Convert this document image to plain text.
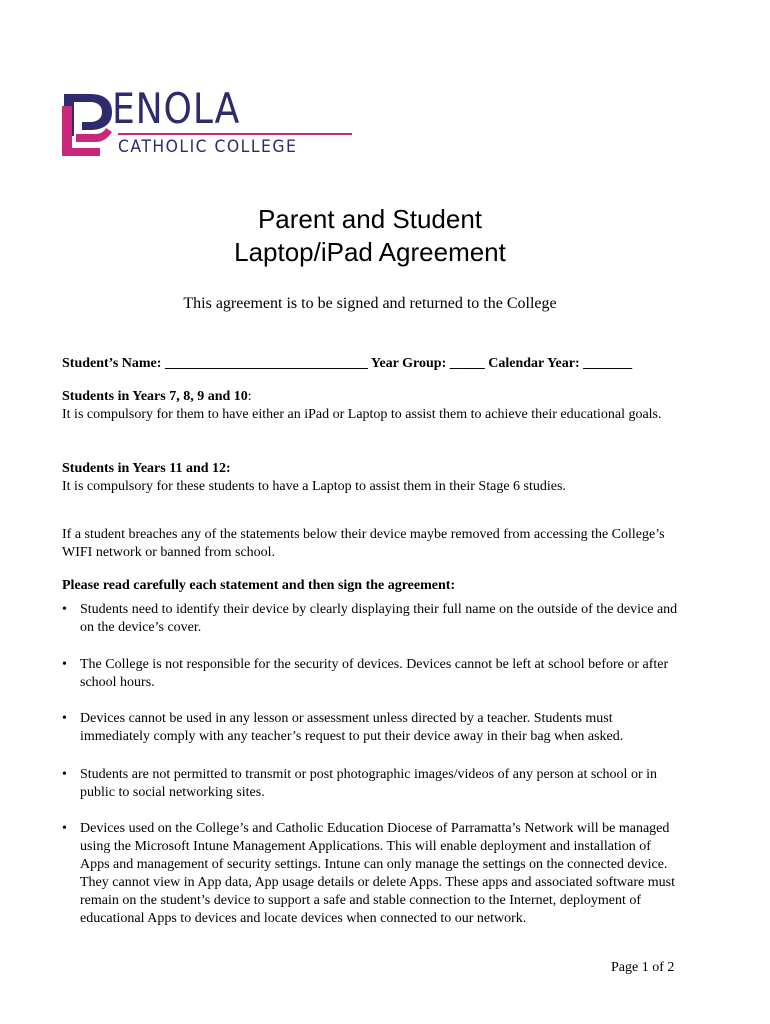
ENOLA
CATHOLIC COLLEGE
Parent and Student
Laptop/iPad Agreement
This agreement is to be signed and returned to the College
Student’s Name: _____________________________ Year Group: _____ Calendar Year: _______
Students in Years 7, 8, 9 and 10:
It is compulsory for them to have either an iPad or Laptop to assist them to achieve their educational goals.
Students in Years 11 and 12:
It is compulsory for these students to have a Laptop to assist them in their Stage 6 studies.
If a student breaches any of the statements below their device maybe removed from accessing the College’s WIFI network or banned from school.
Please read carefully each statement and then sign the agreement:
• Students need to identify their device by clearly displaying their full name on the outside of the device and on the device’s cover.
• The College is not responsible for the security of devices. Devices cannot be left at school before or after school hours.
• Devices cannot be used in any lesson or assessment unless directed by a teacher. Students must immediately comply with any teacher’s request to put their device away in their bag when asked.
• Students are not permitted to transmit or post photographic images/videos of any person at school or in public to social networking sites.
• Devices used on the College’s and Catholic Education Diocese of Parramatta’s Network will be managed using the Microsoft Intune Management Applications. This will enable deployment and installation of Apps and management of security settings. Intune can only manage the settings on the connected device. They cannot view in App data, App usage details or delete Apps. These apps and associated software must remain on the student’s device to support a safe and stable connection to the Internet, deployment of educational Apps to devices and locate devices when connected to our network.
Page 1 of 2
